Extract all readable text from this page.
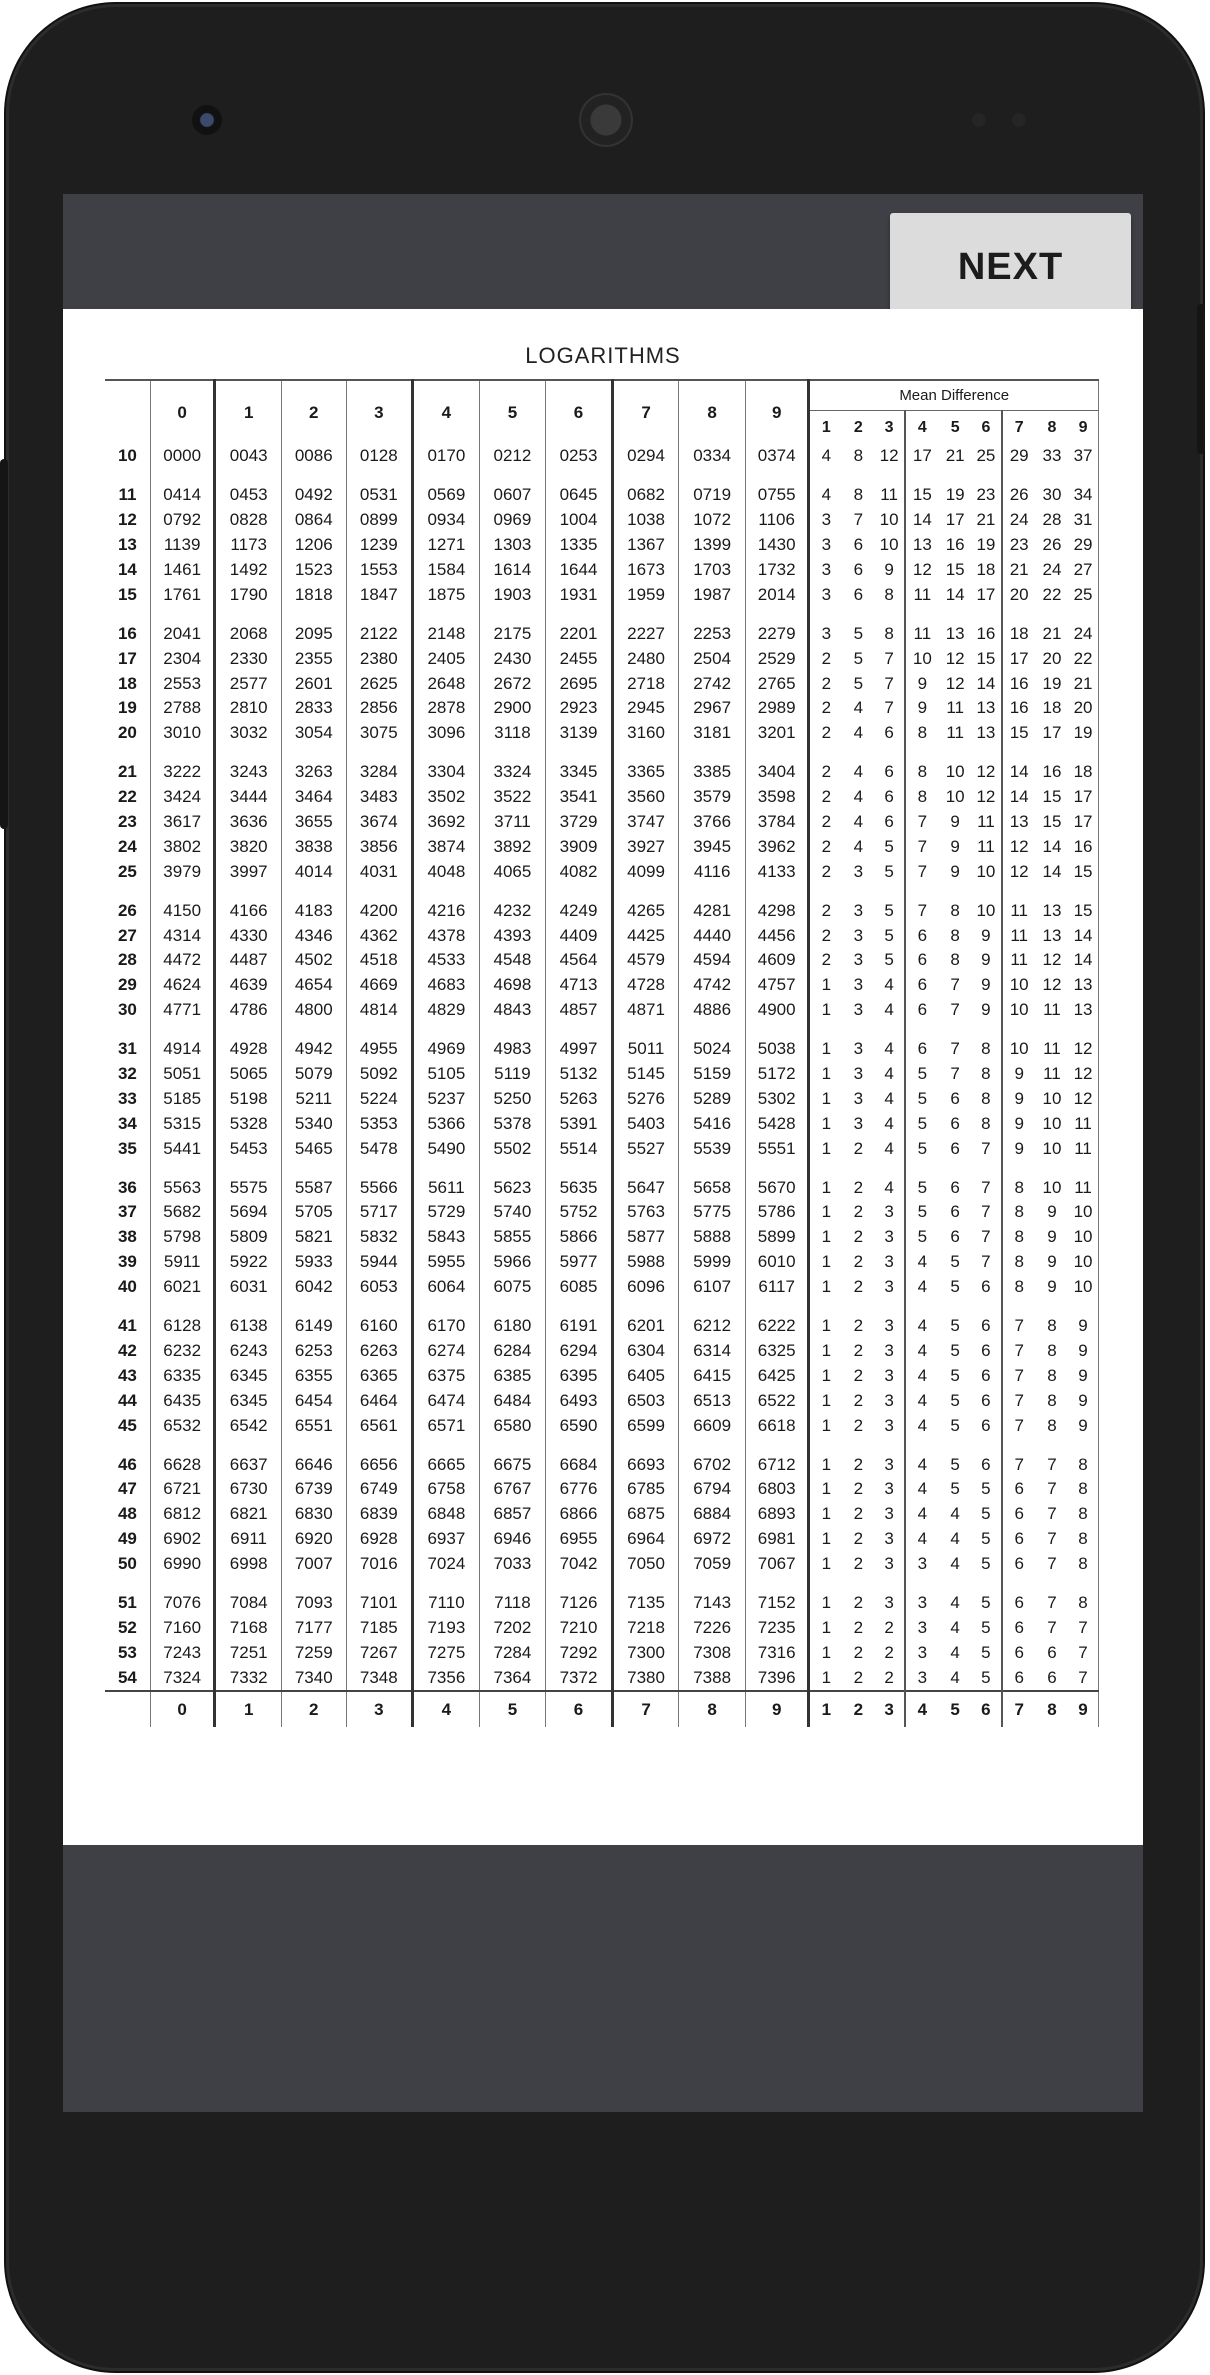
NEXT
LOGARITHMS
	0	1	2	3	4	5	6	7	8	9	Mean Difference								
											1	2	3	4	5	6	7	8	9
10	0000	0043	0086	0128	0170	0212	0253	0294	0334	0374	4	8	12	17	21	25	29	33	37

11	0414	0453	0492	0531	0569	0607	0645	0682	0719	0755	4	8	11	15	19	23	26	30	34
12	0792	0828	0864	0899	0934	0969	1004	1038	1072	1106	3	7	10	14	17	21	24	28	31
13	1139	1173	1206	1239	1271	1303	1335	1367	1399	1430	3	6	10	13	16	19	23	26	29
14	1461	1492	1523	1553	1584	1614	1644	1673	1703	1732	3	6	9	12	15	18	21	24	27
15	1761	1790	1818	1847	1875	1903	1931	1959	1987	2014	3	6	8	11	14	17	20	22	25

16	2041	2068	2095	2122	2148	2175	2201	2227	2253	2279	3	5	8	11	13	16	18	21	24
17	2304	2330	2355	2380	2405	2430	2455	2480	2504	2529	2	5	7	10	12	15	17	20	22
18	2553	2577	2601	2625	2648	2672	2695	2718	2742	2765	2	5	7	9	12	14	16	19	21
19	2788	2810	2833	2856	2878	2900	2923	2945	2967	2989	2	4	7	9	11	13	16	18	20
20	3010	3032	3054	3075	3096	3118	3139	3160	3181	3201	2	4	6	8	11	13	15	17	19

21	3222	3243	3263	3284	3304	3324	3345	3365	3385	3404	2	4	6	8	10	12	14	16	18
22	3424	3444	3464	3483	3502	3522	3541	3560	3579	3598	2	4	6	8	10	12	14	15	17
23	3617	3636	3655	3674	3692	3711	3729	3747	3766	3784	2	4	6	7	9	11	13	15	17
24	3802	3820	3838	3856	3874	3892	3909	3927	3945	3962	2	4	5	7	9	11	12	14	16
25	3979	3997	4014	4031	4048	4065	4082	4099	4116	4133	2	3	5	7	9	10	12	14	15

26	4150	4166	4183	4200	4216	4232	4249	4265	4281	4298	2	3	5	7	8	10	11	13	15
27	4314	4330	4346	4362	4378	4393	4409	4425	4440	4456	2	3	5	6	8	9	11	13	14
28	4472	4487	4502	4518	4533	4548	4564	4579	4594	4609	2	3	5	6	8	9	11	12	14
29	4624	4639	4654	4669	4683	4698	4713	4728	4742	4757	1	3	4	6	7	9	10	12	13
30	4771	4786	4800	4814	4829	4843	4857	4871	4886	4900	1	3	4	6	7	9	10	11	13

31	4914	4928	4942	4955	4969	4983	4997	5011	5024	5038	1	3	4	6	7	8	10	11	12
32	5051	5065	5079	5092	5105	5119	5132	5145	5159	5172	1	3	4	5	7	8	9	11	12
33	5185	5198	5211	5224	5237	5250	5263	5276	5289	5302	1	3	4	5	6	8	9	10	12
34	5315	5328	5340	5353	5366	5378	5391	5403	5416	5428	1	3	4	5	6	8	9	10	11
35	5441	5453	5465	5478	5490	5502	5514	5527	5539	5551	1	2	4	5	6	7	9	10	11

36	5563	5575	5587	5566	5611	5623	5635	5647	5658	5670	1	2	4	5	6	7	8	10	11
37	5682	5694	5705	5717	5729	5740	5752	5763	5775	5786	1	2	3	5	6	7	8	9	10
38	5798	5809	5821	5832	5843	5855	5866	5877	5888	5899	1	2	3	5	6	7	8	9	10
39	5911	5922	5933	5944	5955	5966	5977	5988	5999	6010	1	2	3	4	5	7	8	9	10
40	6021	6031	6042	6053	6064	6075	6085	6096	6107	6117	1	2	3	4	5	6	8	9	10

41	6128	6138	6149	6160	6170	6180	6191	6201	6212	6222	1	2	3	4	5	6	7	8	9
42	6232	6243	6253	6263	6274	6284	6294	6304	6314	6325	1	2	3	4	5	6	7	8	9
43	6335	6345	6355	6365	6375	6385	6395	6405	6415	6425	1	2	3	4	5	6	7	8	9
44	6435	6345	6454	6464	6474	6484	6493	6503	6513	6522	1	2	3	4	5	6	7	8	9
45	6532	6542	6551	6561	6571	6580	6590	6599	6609	6618	1	2	3	4	5	6	7	8	9

46	6628	6637	6646	6656	6665	6675	6684	6693	6702	6712	1	2	3	4	5	6	7	7	8
47	6721	6730	6739	6749	6758	6767	6776	6785	6794	6803	1	2	3	4	5	5	6	7	8
48	6812	6821	6830	6839	6848	6857	6866	6875	6884	6893	1	2	3	4	4	5	6	7	8
49	6902	6911	6920	6928	6937	6946	6955	6964	6972	6981	1	2	3	4	4	5	6	7	8
50	6990	6998	7007	7016	7024	7033	7042	7050	7059	7067	1	2	3	3	4	5	6	7	8

51	7076	7084	7093	7101	7110	7118	7126	7135	7143	7152	1	2	3	3	4	5	6	7	8
52	7160	7168	7177	7185	7193	7202	7210	7218	7226	7235	1	2	2	3	4	5	6	7	7
53	7243	7251	7259	7267	7275	7284	7292	7300	7308	7316	1	2	2	3	4	5	6	6	7
54	7324	7332	7340	7348	7356	7364	7372	7380	7388	7396	1	2	2	3	4	5	6	6	7
	0	1	2	3	4	5	6	7	8	9	1	2	3	4	5	6	7	8	9
